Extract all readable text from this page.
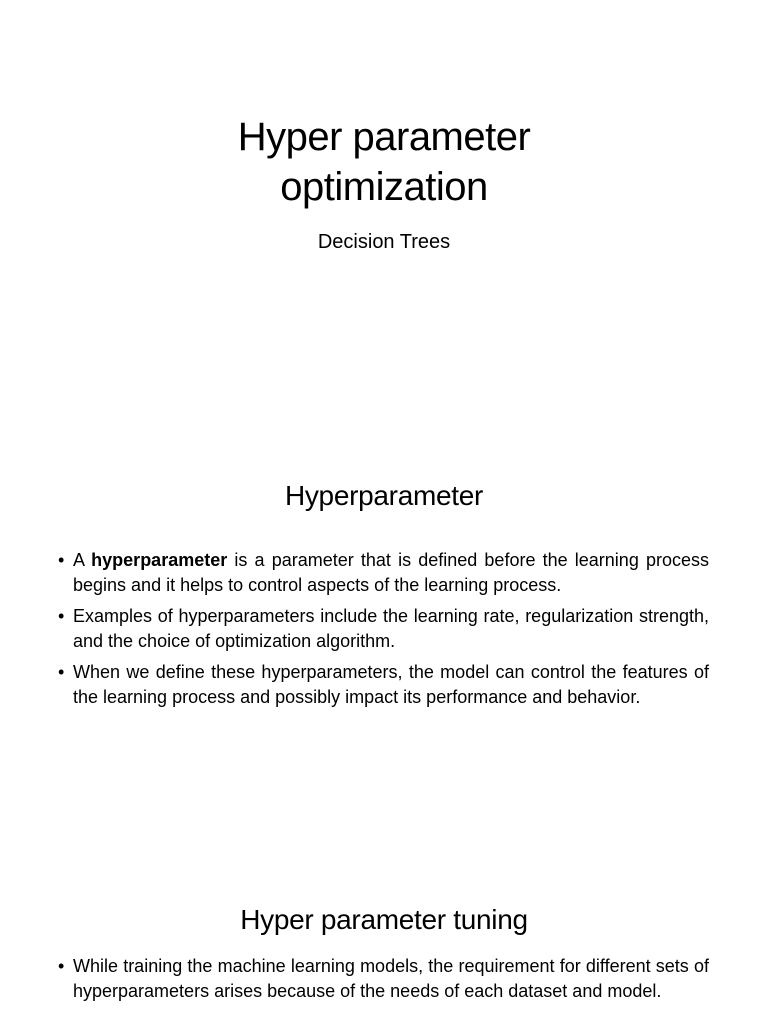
Hyper parameter
optimization
Decision Trees
Hyperparameter
• A hyperparameter is a parameter that is defined before the learning process begins and it helps to control aspects of the learning process.
• Examples of hyperparameters include the learning rate, regularization strength, and the choice of optimization algorithm.
• When we define these hyperparameters, the model can control the features of the learning process and possibly impact its performance and behavior.
Hyper parameter tuning
• While training the machine learning models, the requirement for different sets of hyperparameters arises because of the needs of each dataset and model.
